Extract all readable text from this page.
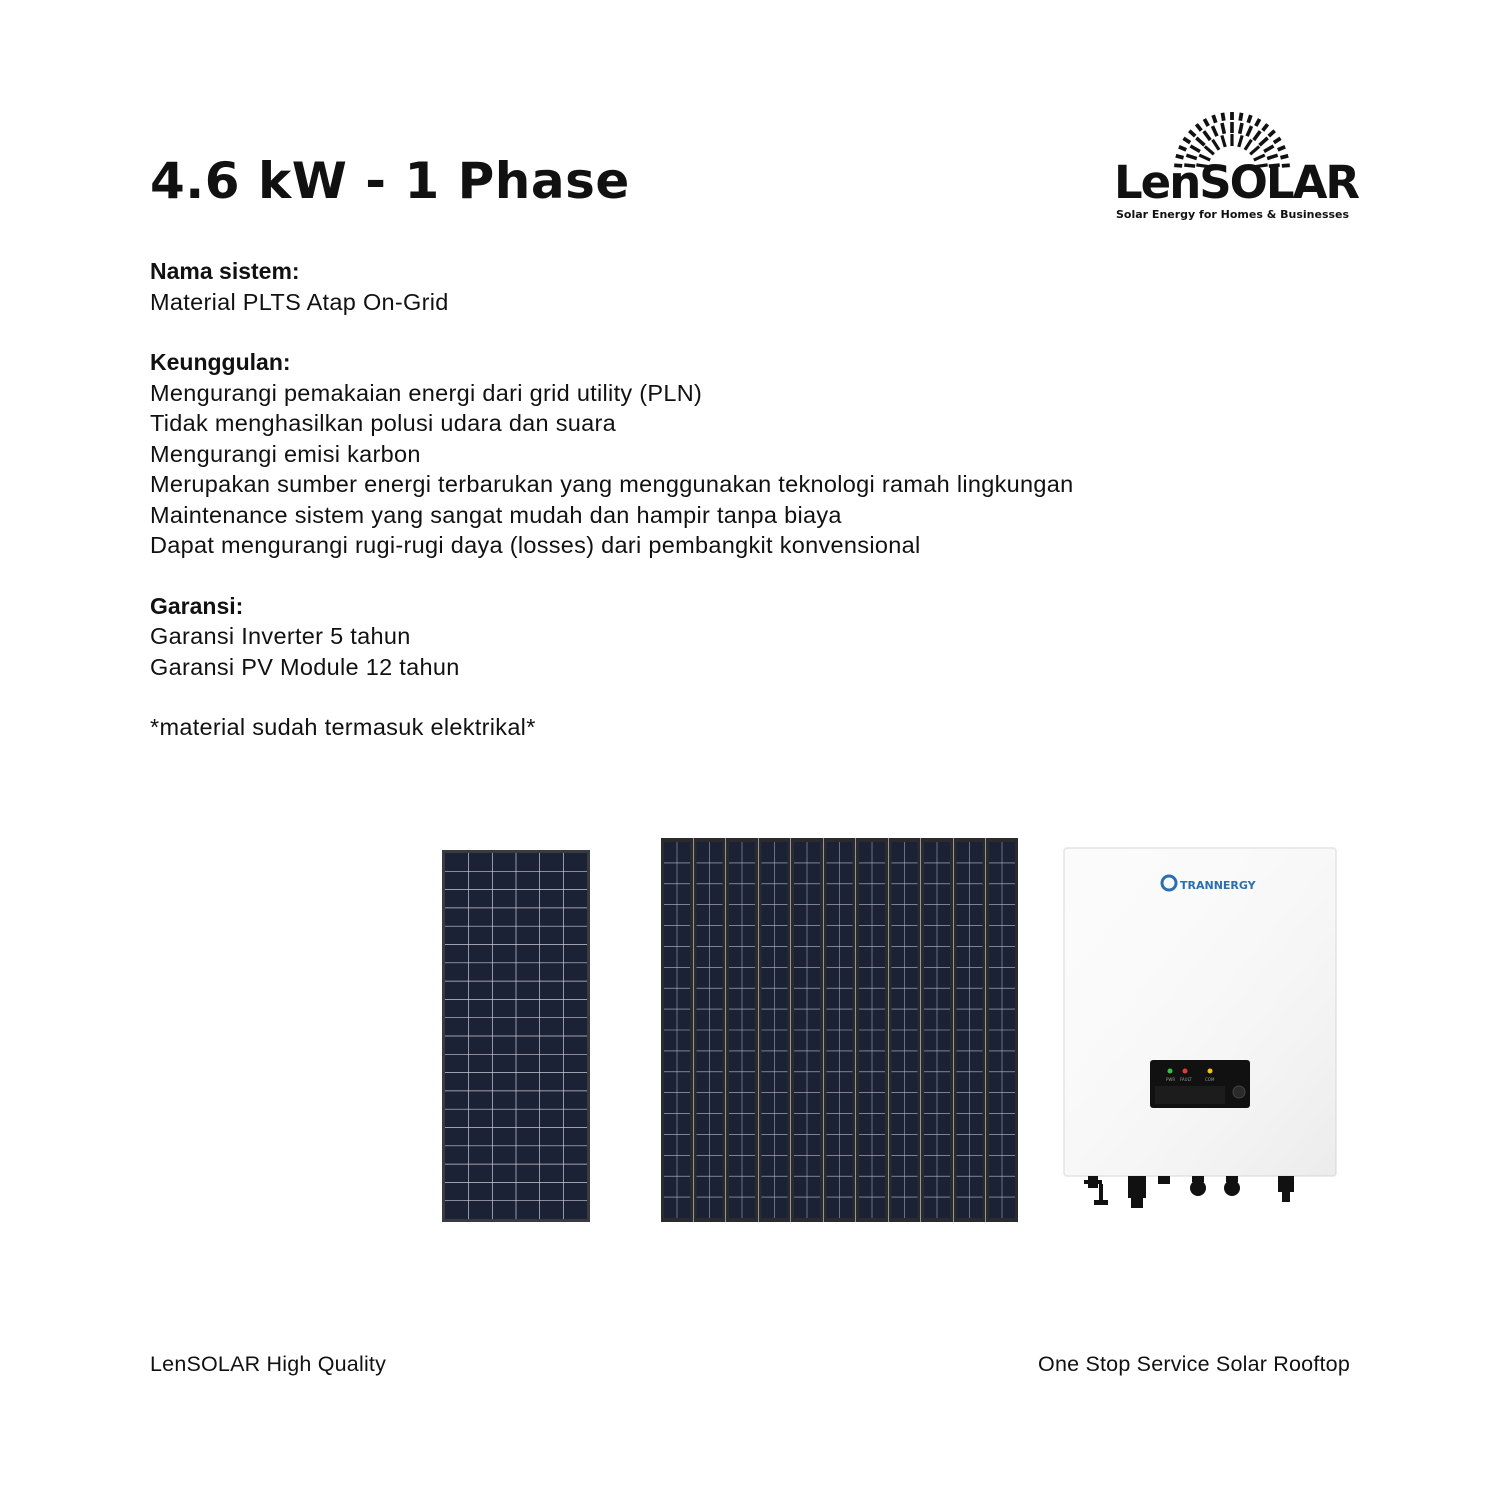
4.6 kW - 1 Phase	LenSOLAR

Solar Energy for Homes & Businesses

Nama sistem:

Material PLTS Atap On-Grid

Keunggulan:

Mengurangi pemakaian energi dari grid utility (PLN)

Tidak menghasilkan polusi udara dan suara

Mengurangi emisi karbon

Merupakan sumber energi terbarukan yang menggunakan teknologi ramah lingkungan

Maintenance sistem yang sangat mudah dan hampir tanpa biaya

Dapat mengurangi rugi-rugi daya (losses) dari pembangkit konvensional

Garansi:

Garansi Inverter 5 tahun

Garansi PV Module 12 tahun

*material sudah termasuk elektrikal*

TRANNERGY
PWR FAULT	COM

LenSOLAR High Quality	One Stop Service Solar Rooftop
